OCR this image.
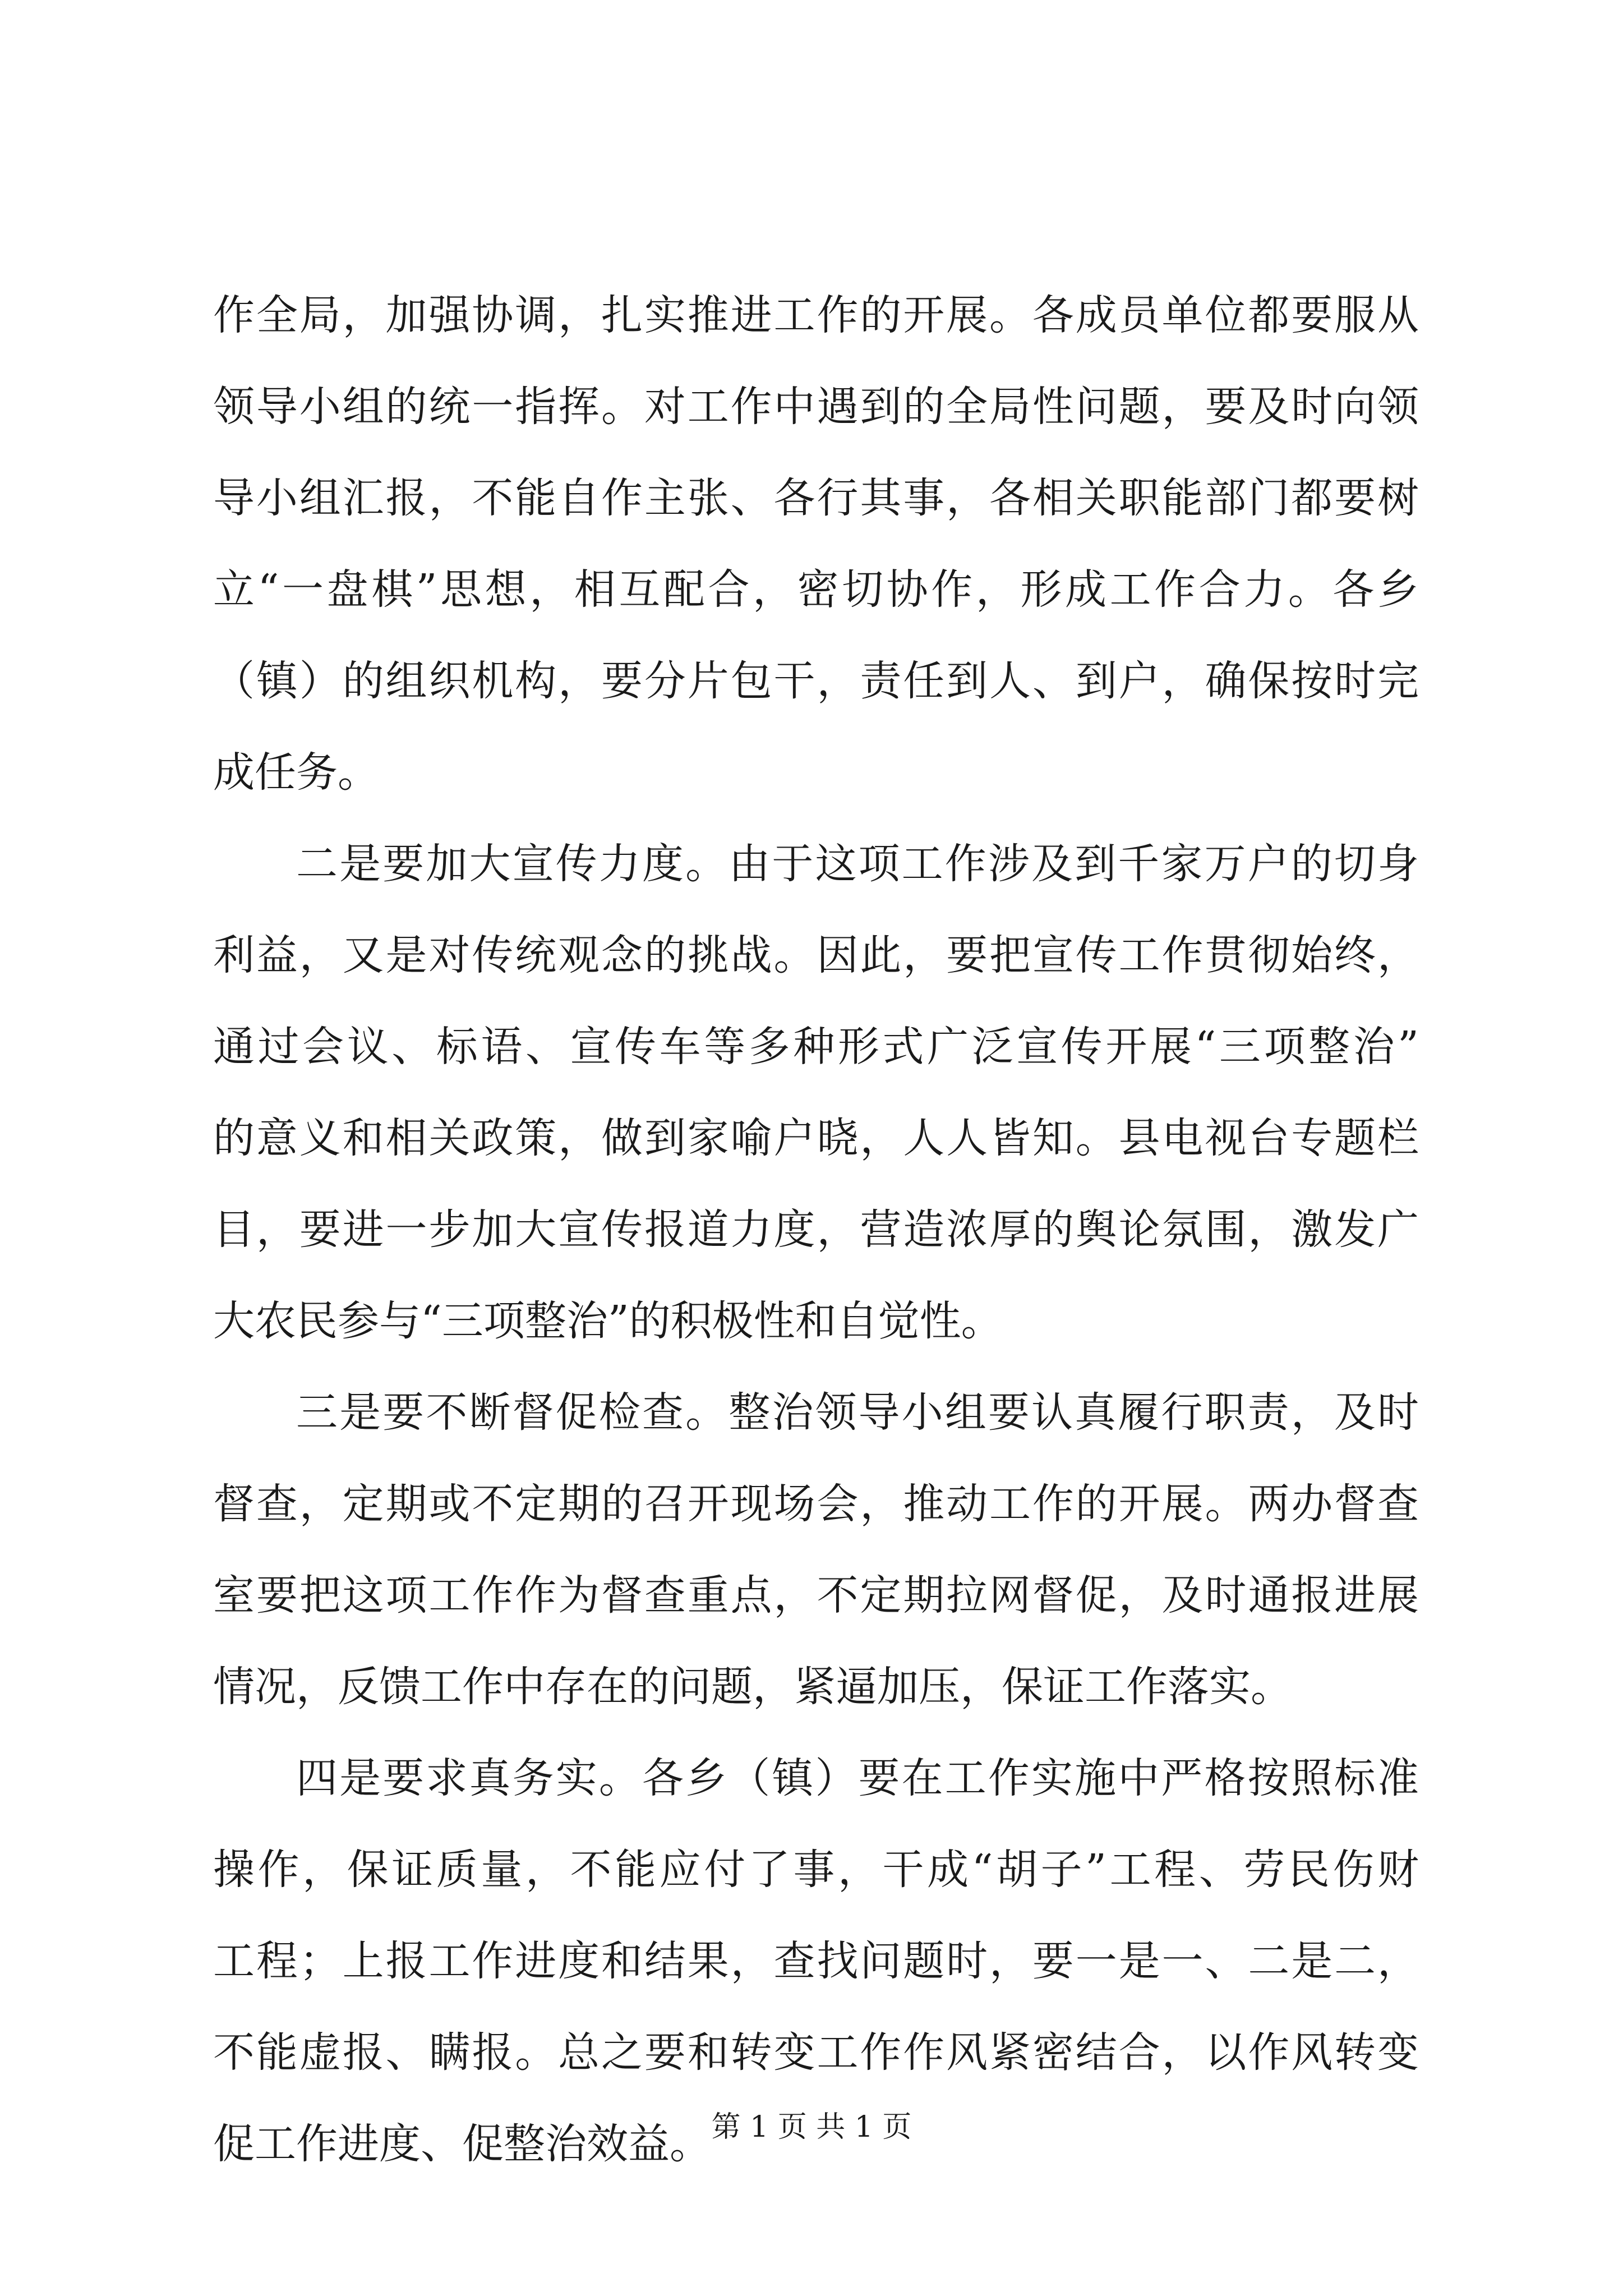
作全局，加强协调，扎实推进工作的开展。各成员单位都要服从
领导小组的统一指挥。对工作中遇到的全局性问题，要及时向领
导小组汇报，不能自作主张、各行其事，各相关职能部门都要树
立“一盘棋”思想，相互配合，密切协作，形成工作合力。各乡
（镇）的组织机构，要分片包干，责任到人、到户，确保按时完
成任务。
二是要加大宣传力度。由于这项工作涉及到千家万户的切身
利益，又是对传统观念的挑战。因此，要把宣传工作贯彻始终，
通过会议、标语、宣传车等多种形式广泛宣传开展“三项整治”
的意义和相关政策，做到家喻户晓，人人皆知。县电视台专题栏
目，要进一步加大宣传报道力度，营造浓厚的舆论氛围，激发广
大农民参与“三项整治”的积极性和自觉性。
三是要不断督促检查。整治领导小组要认真履行职责，及时
督查，定期或不定期的召开现场会，推动工作的开展。两办督查
室要把这项工作作为督查重点，不定期拉网督促，及时通报进展
情况，反馈工作中存在的问题，紧逼加压，保证工作落实。
四是要求真务实。各乡（镇）要在工作实施中严格按照标准
操作，保证质量，不能应付了事，干成“胡子”工程、劳民伤财
工程；上报工作进度和结果，查找问题时，要一是一、二是二，
不能虚报、瞒报。总之要和转变工作作风紧密结合，以作风转变
促工作进度、促整治效益。 第 1 页 共 1 页
